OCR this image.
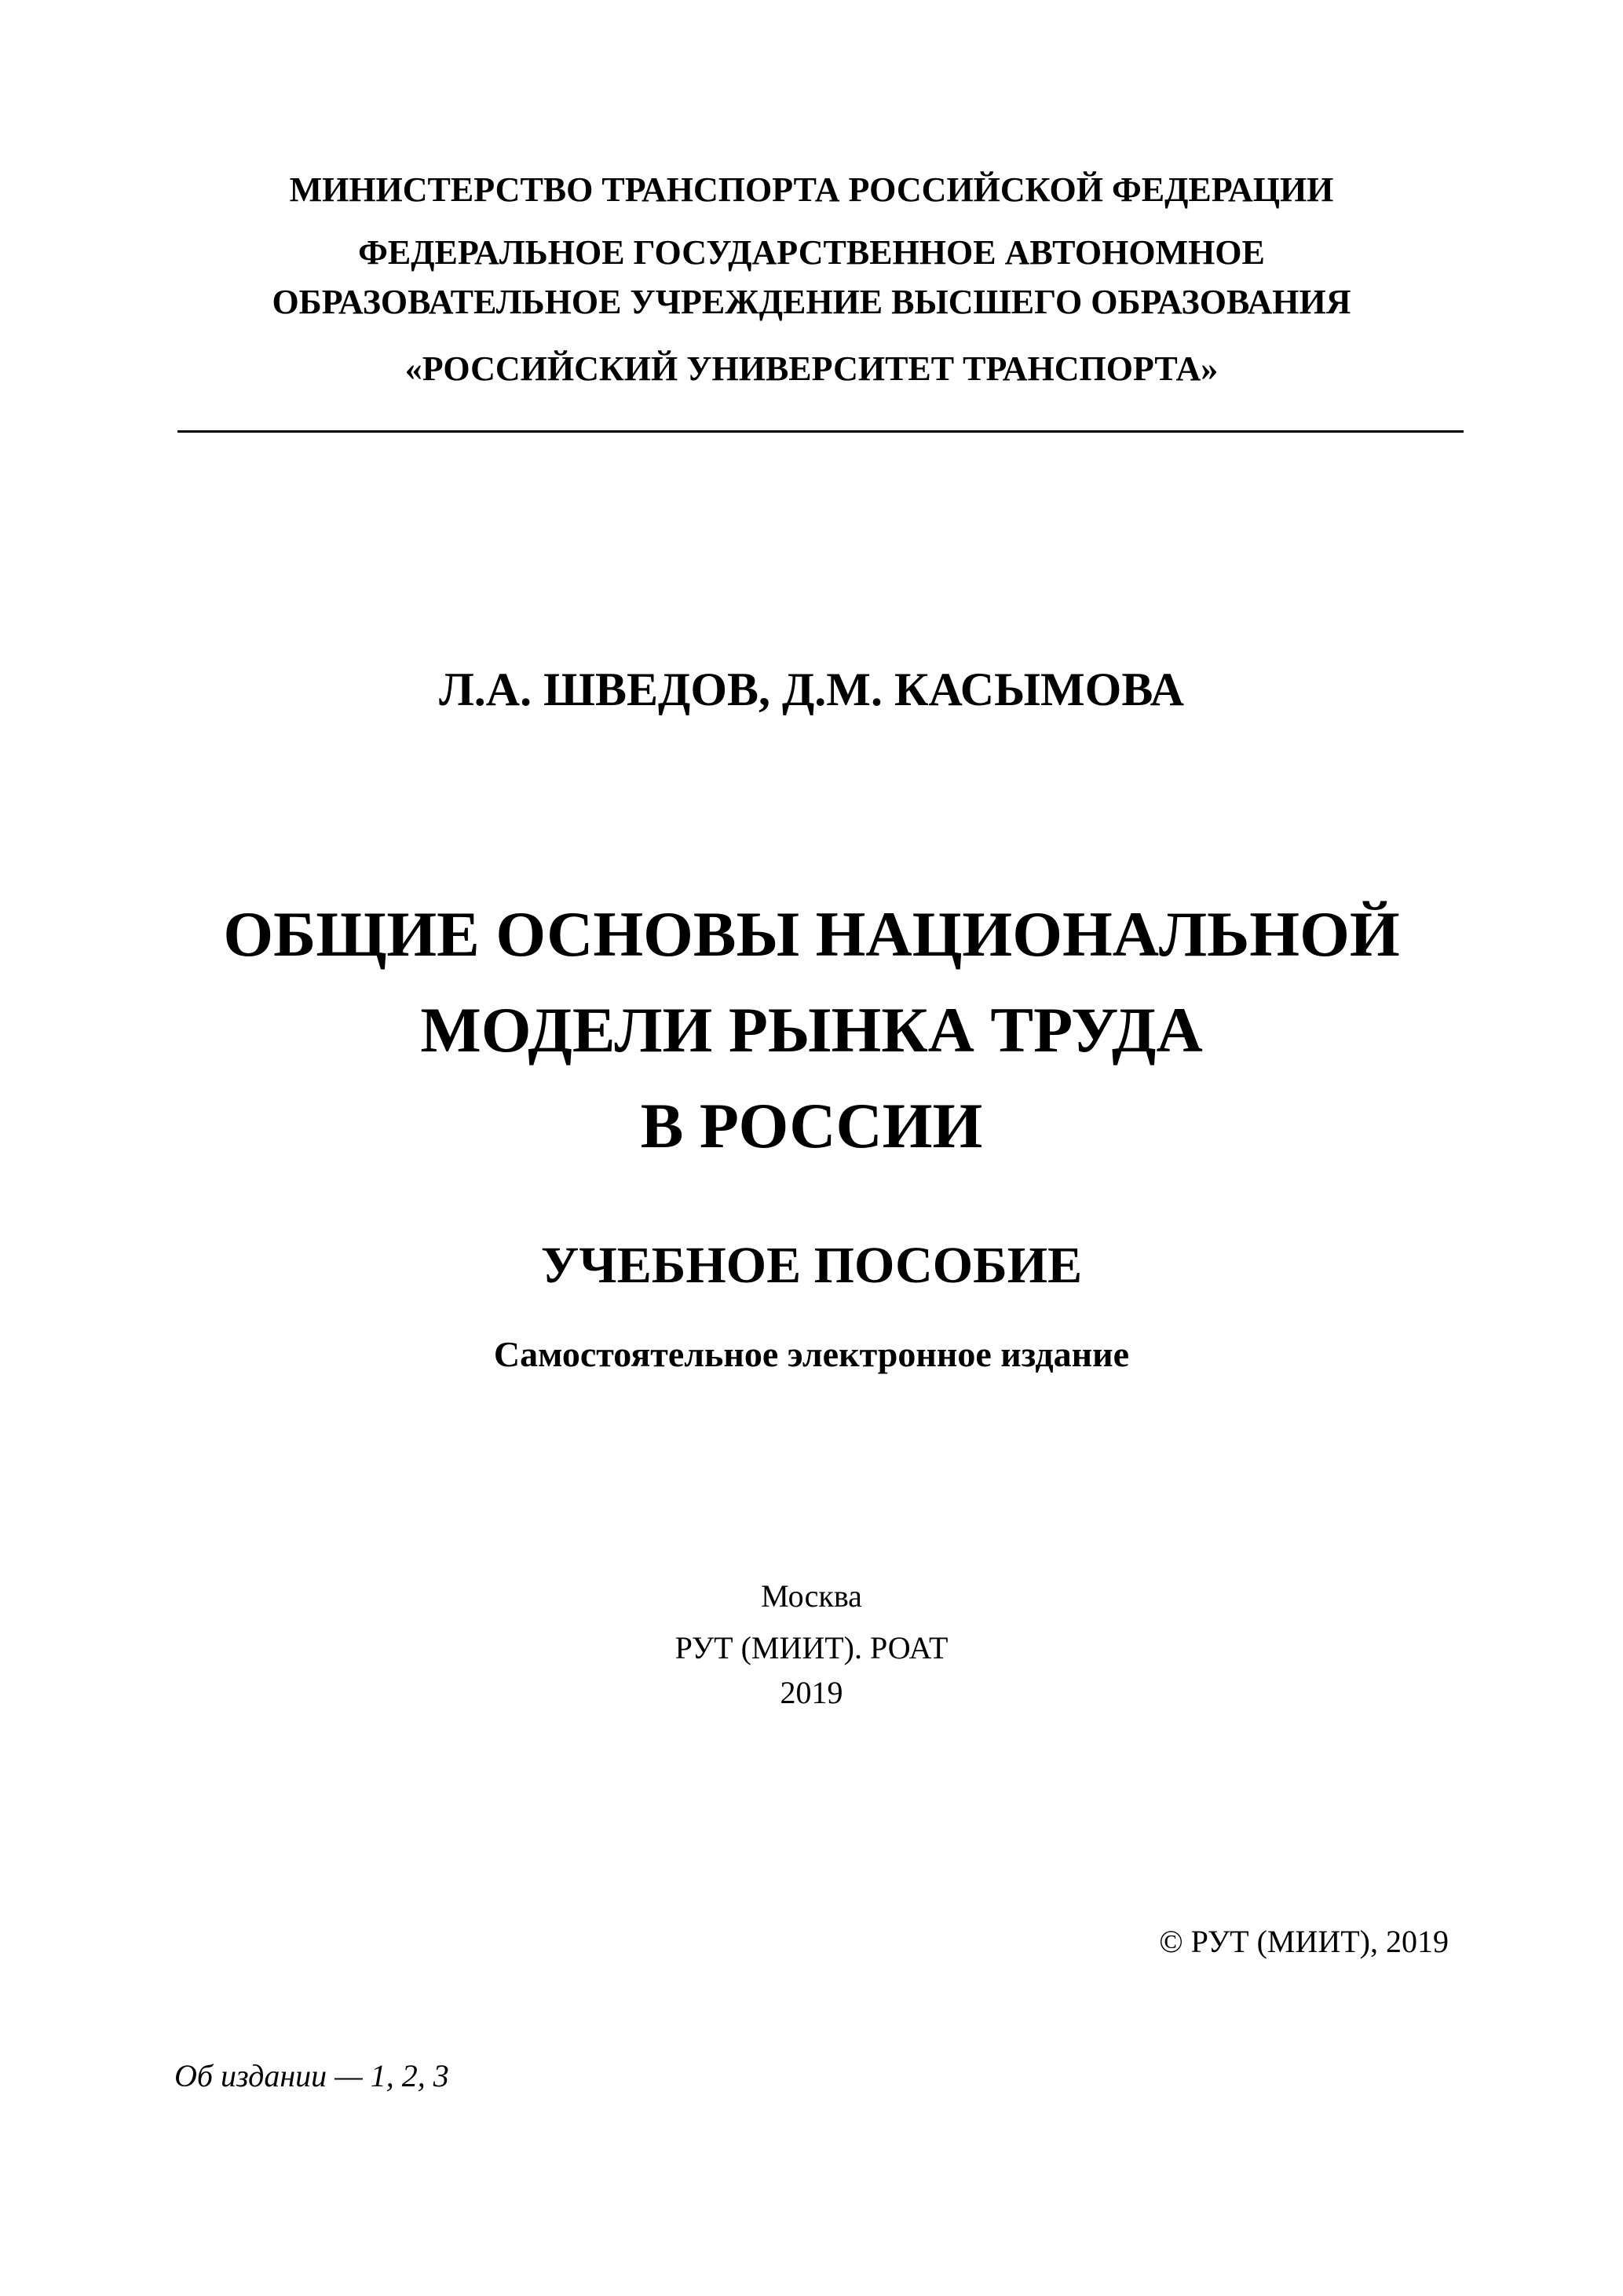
МИНИСТЕРСТВО ТРАНСПОРТА РОССИЙСКОЙ ФЕДЕРАЦИИ
ФЕДЕРАЛЬНОЕ ГОСУДАРСТВЕННОЕ АВТОНОМНОЕ
ОБРАЗОВАТЕЛЬНОЕ УЧРЕЖДЕНИЕ ВЫСШЕГО ОБРАЗОВАНИЯ
«РОССИЙСКИЙ УНИВЕРСИТЕТ ТРАНСПОРТА»
Л.А. ШВЕДОВ, Д.М. КАСЫМОВА
ОБЩИЕ ОСНОВЫ НАЦИОНАЛЬНОЙ
МОДЕЛИ РЫНКА ТРУДА
В РОССИИ
УЧЕБНОЕ ПОСОБИЕ
Самостоятельное электронное издание
Москва
РУТ (МИИТ). РОАТ
2019
© РУТ (МИИТ), 2019
Об издании — 1, 2, 3
